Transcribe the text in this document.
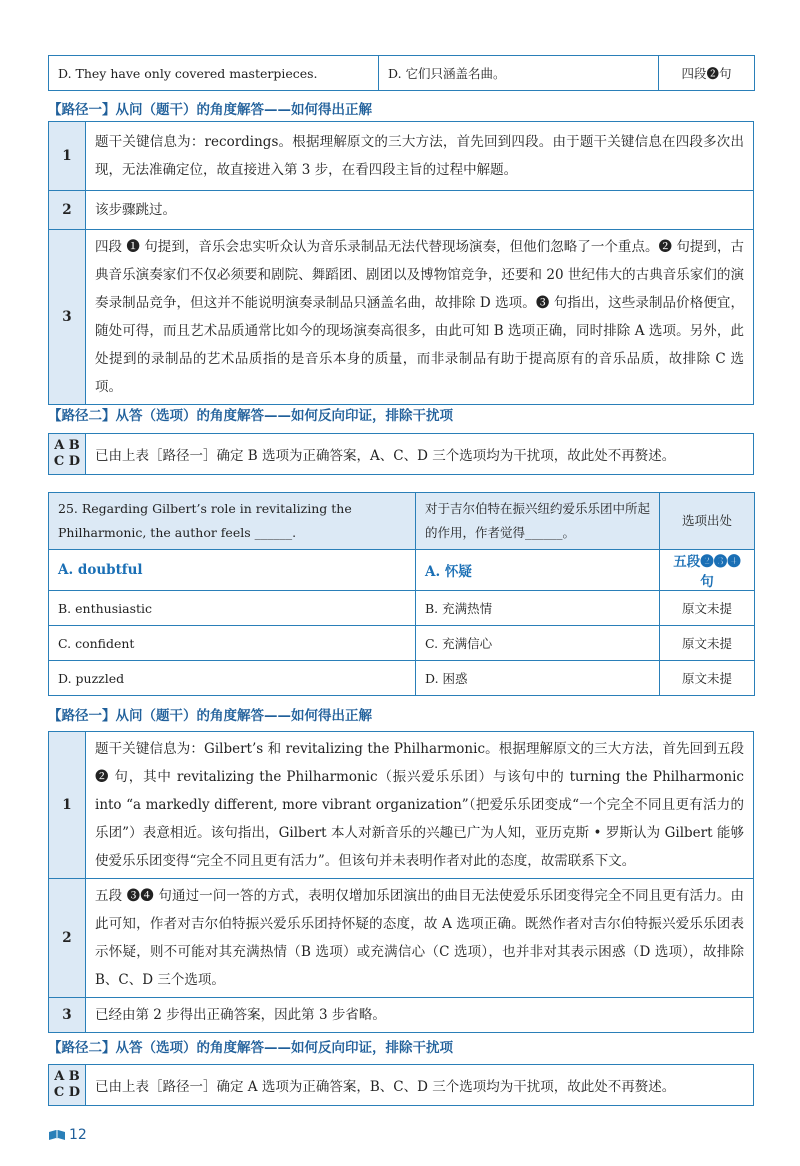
D. They have only covered masterpieces.	D. 它们只涵盖名曲。	四段❷句
【路径一】从问（题干）的角度解答——如何得出正解
1	题干关键信息为：recordings。根据理解原文的三大方法，首先回到四段。由于题干关键信息在四段多次出现，无法准确定位，故直接进入第 3 步，在看四段主旨的过程中解题。
2	该步骤跳过。
3	四段 ❶ 句提到，音乐会忠实听众认为音乐录制品无法代替现场演奏，但他们忽略了一个重点。❷ 句提到，古典音乐演奏家们不仅必须要和剧院、舞蹈团、剧团以及博物馆竞争，还要和 20 世纪伟大的古典音乐家们的演奏录制品竞争，但这并不能说明演奏录制品只涵盖名曲，故排除 D 选项。❸ 句指出，这些录制品价格便宜，随处可得，而且艺术品质通常比如今的现场演奏高很多，由此可知 B 选项正确，同时排除 A 选项。另外，此处提到的录制品的艺术品质指的是音乐本身的质量，而非录制品有助于提高原有的音乐品质，故排除 C 选项。
【路径二】从答（选项）的角度解答——如何反向印证，排除干扰项
A B
C D	已由上表［路径一］确定 B 选项为正确答案，A、C、D 三个选项均为干扰项，故此处不再赘述。
25. Regarding Gilbert’s role in revitalizing the Philharmonic, the author feels ______.	对于吉尔伯特在振兴纽约爱乐乐团中所起的作用，作者觉得______。	选项出处
A. doubtful	A. 怀疑	五段❷❸❹句
B. enthusiastic	B. 充满热情	原文未提
C. confident	C. 充满信心	原文未提
D. puzzled	D. 困惑	原文未提
【路径一】从问（题干）的角度解答——如何得出正解
1	题干关键信息为：Gilbert’s 和 revitalizing the Philharmonic。根据理解原文的三大方法，首先回到五段 ❷ 句，其中 revitalizing the Philharmonic（振兴爱乐乐团）与该句中的 turning the Philharmonic into “a markedly different, more vibrant organization”（把爱乐乐团变成“一个完全不同且更有活力的乐团”）表意相近。该句指出，Gilbert 本人对新音乐的兴趣已广为人知，亚历克斯 • 罗斯认为 Gilbert 能够使爱乐乐团变得“完全不同且更有活力”。但该句并未表明作者对此的态度，故需联系下文。
2	五段 ❸❹ 句通过一问一答的方式，表明仅增加乐团演出的曲目无法使爱乐乐团变得完全不同且更有活力。由此可知，作者对吉尔伯特振兴爱乐乐团持怀疑的态度，故 A 选项正确。既然作者对吉尔伯特振兴爱乐乐团表示怀疑，则不可能对其充满热情（B 选项）或充满信心（C 选项），也并非对其表示困惑（D 选项），故排除 B、C、D 三个选项。
3	已经由第 2 步得出正确答案，因此第 3 步省略。
【路径二】从答（选项）的角度解答——如何反向印证，排除干扰项
A B
C D	已由上表［路径一］确定 A 选项为正确答案，B、C、D 三个选项均为干扰项，故此处不再赘述。
12
